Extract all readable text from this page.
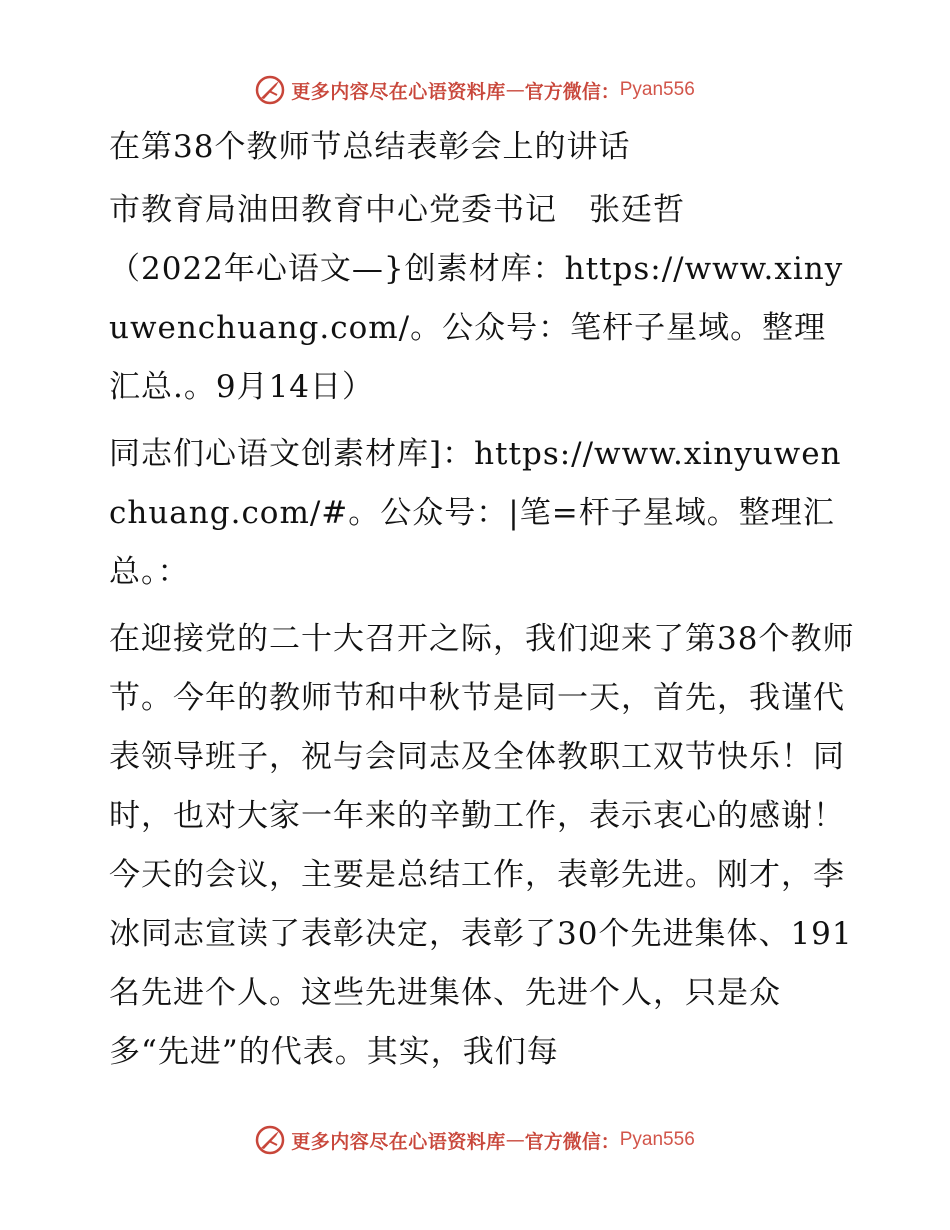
更多内容尽在心语资料库 — 官方微信： Pyan556

在第38个教师节总结表彰会上的讲话

市教育局油田教育中心党委书记　张廷哲

（2022年心语文—}创素材库：https://www.xinyuwenchuang.com/。公众号：笔杆子星域。整理汇总.。9月14日）

同志们心语文创素材库]：https://www.xinyuwenchuang.com/#。公众号：|笔=杆子星域。整理汇总。：

在迎接党的二十大召开之际，我们迎来了第38个教师节。今年的教师节和中秋节是同一天，首先，我谨代表领导班子，祝与会同志及全体教职工双节快乐！同时，也对大家一年来的辛勤工作，表示衷心的感谢！今天的会议，主要是总结工作，表彰先进。刚才，李冰同志宣读了表彰决定，表彰了30个先进集体、191名先进个人。这些先进集体、先进个人，只是众多“先进”的代表。其实，我们每

更多内容尽在心语资料库 — 官方微信： Pyan556
